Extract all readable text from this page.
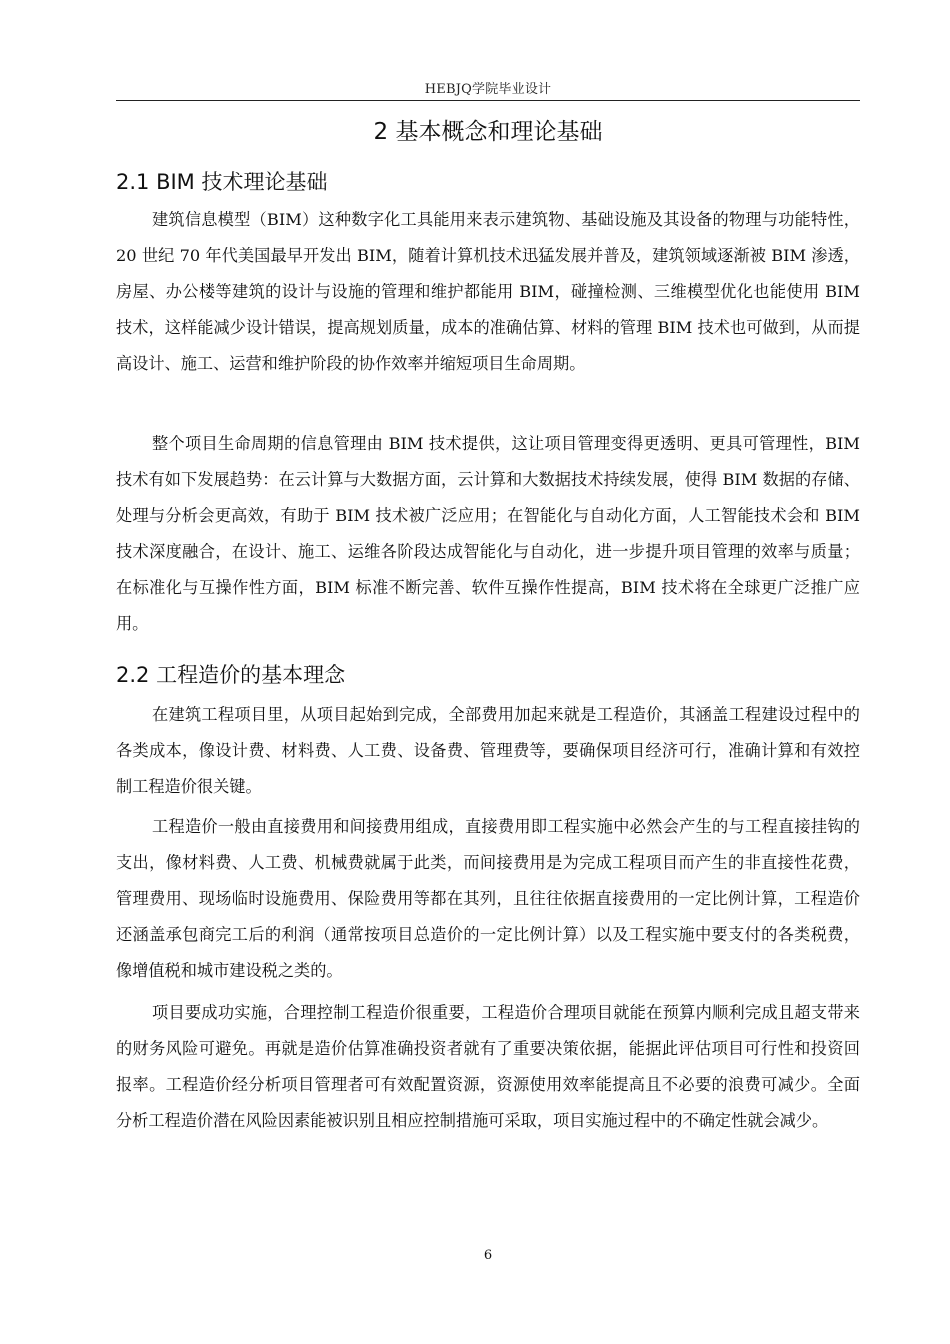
HEBJQ学院毕业设计
2 基本概念和理论基础
2.1 BIM 技术理论基础

建筑信息模型（BIM）这种数字化工具能用来表示建筑物、基础设施及其设备的物理与功能特性，20 世纪 70 年代美国最早开发出 BIM，随着计算机技术迅猛发展并普及，建筑领域逐渐被 BIM 渗透，房屋、办公楼等建筑的设计与设施的管理和维护都能用 BIM，碰撞检测、三维模型优化也能使用 BIM 技术，这样能减少设计错误，提高规划质量，成本的准确估算、材料的管理 BIM 技术也可做到，从而提高设计、施工、运营和维护阶段的协作效率并缩短项目生命周期。

整个项目生命周期的信息管理由 BIM 技术提供，这让项目管理变得更透明、更具可管理性，BIM 技术有如下发展趋势：在云计算与大数据方面，云计算和大数据技术持续发展，使得 BIM 数据的存储、处理与分析会更高效，有助于 BIM 技术被广泛应用；在智能化与自动化方面，人工智能技术会和 BIM 技术深度融合，在设计、施工、运维各阶段达成智能化与自动化，进一步提升项目管理的效率与质量；在标准化与互操作性方面，BIM 标准不断完善、软件互操作性提高，BIM 技术将在全球更广泛推广应用。

2.2 工程造价的基本理念

在建筑工程项目里，从项目起始到完成，全部费用加起来就是工程造价，其涵盖工程建设过程中的各类成本，像设计费、材料费、人工费、设备费、管理费等，要确保项目经济可行，准确计算和有效控制工程造价很关键。

工程造价一般由直接费用和间接费用组成，直接费用即工程实施中必然会产生的与工程直接挂钩的支出，像材料费、人工费、机械费就属于此类，而间接费用是为完成工程项目而产生的非直接性花费，管理费用、现场临时设施费用、保险费用等都在其列，且往往依据直接费用的一定比例计算，工程造价还涵盖承包商完工后的利润（通常按项目总造价的一定比例计算）以及工程实施中要支付的各类税费，像增值税和城市建设税之类的。

项目要成功实施，合理控制工程造价很重要，工程造价合理项目就能在预算内顺利完成且超支带来的财务风险可避免。再就是造价估算准确投资者就有了重要决策依据，能据此评估项目可行性和投资回报率。工程造价经分析项目管理者可有效配置资源，资源使用效率能提高且不必要的浪费可减少。全面分析工程造价潜在风险因素能被识别且相应控制措施可采取，项目实施过程中的不确定性就会减少。

6
